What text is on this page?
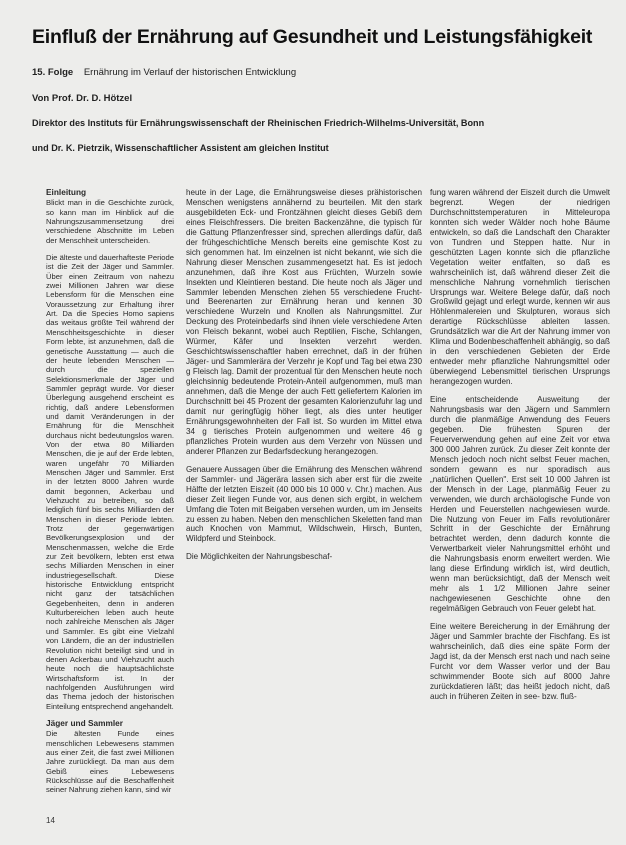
Einfluß der Ernährung auf Gesundheit und Leistungsfähigkeit
15. Folge Ernährung im Verlauf der historischen Entwicklung
Von Prof. Dr. D. Hötzel
Direktor des Instituts für Ernährungswissenschaft der Rheinischen Friedrich-Wilhelms-Universität, Bonn
und Dr. K. Pietrzik, Wissenschaftlicher Assistent am gleichen Institut
Einleitung

Blickt man in die Geschichte zurück, so kann man im Hinblick auf die Nahrungszusammensetzung drei verschiedene Abschnitte im Leben der Menschheit unterscheiden.

Die älteste und dauerhafteste Periode ist die Zeit der Jäger und Sammler. Über einen Zeitraum von nahezu zwei Millionen Jahren war diese Lebensform für die Menschen eine Voraussetzung zur Erhaltung ihrer Art. Da die Species Homo sapiens das weitaus größte Teil während der Menschheitsgeschichte in dieser Form lebte, ist anzunehmen, daß die genetische Ausstattung — auch die der heute lebenden Menschen — durch die speziellen Selektionsmerkmale der Jäger und Sammler geprägt wurde. Vor dieser Überlegung ausgehend erscheint es richtig, daß andere Lebensformen und damit Veränderungen in der Ernährung für die Menschheit durchaus nicht bedeutungslos waren. Von der etwa 80 Milliarden Menschen, die je auf der Erde lebten, waren ungefähr 70 Milliarden Menschen Jäger und Sammler. Erst in der letzten 8000 Jahren wurde damit begonnen, Ackerbau und Viehzucht zu betreiben, so daß lediglich fünf bis sechs Milliarden der Menschen in dieser Periode lebten. Trotz der gegenwärtigen Bevölkerungsexplosion und der Menschenmassen, welche die Erde zur Zeit bevölkern, lebten erst etwa sechs Milliarden Menschen in einer industriegesellschaft. Diese historische Entwicklung entspricht nicht ganz der tatsächlichen Gegebenheiten, denn in anderen Kulturbereichen leben auch heute noch zahlreiche Menschen als Jäger und Sammler. Es gibt eine Vielzahl von Ländern, die an der industriellen Revolution nicht beteiligt sind und in denen Ackerbau und Viehzucht auch heute noch die hauptsächlichste Wirtschaftsform ist. In der nachfolgenden Ausführungen wird das Thema jedoch der historischen Einteilung entsprechend angehandelt.

Jäger und Sammler

Die ältesten Funde eines menschlichen Lebewesens stammen aus einer Zeit, die fast zwei Millionen Jahre zurückliegt. Da man aus dem Gebiß eines Lebewesens Rückschlüsse auf die Beschaffenheit seiner Nahrung ziehen kann, sind wir

heute in der Lage, die Ernährungsweise dieses prähistorischen Menschen wenigstens annähernd zu beurteilen. Mit den stark ausgebildeten Eck- und Frontzähnen gleicht dieses Gebiß dem eines Fleischfressers. Die breiten Backenzähne, die typisch für die Gattung Pflanzenfresser sind, sprechen allerdings dafür, daß der frühgeschichtliche Mensch bereits eine gemischte Kost zu sich genommen hat. Im einzelnen ist nicht bekannt, wie sich die Nahrung dieser Menschen zusammengesetzt hat. Es ist jedoch anzunehmen, daß ihre Kost aus Früchten, Wurzeln sowie Insekten und Kleintieren bestand. Die heute noch als Jäger und Sammler lebenden Menschen ziehen 55 verschiedene Frucht- und Beerenarten zur Ernährung heran und kennen 30 verschiedene Wurzeln und Knollen als Nahrungsmittel. Zur Deckung des Proteinbedarfs sind ihnen viele verschiedene Arten von Fleisch bekannt, wobei auch Reptilien, Fische, Schlangen, Würmer, Käfer und Insekten verzehrt werden. Geschichtswissenschaftler haben errechnet, daß in der frühen Jäger- und Sammlerära der Verzehr je Kopf und Tag bei etwa 230 g Fleisch lag. Damit der prozentual für den Menschen heute noch gleichsinnig bedeutende Protein-Anteil aufgenommen, muß man annehmen, daß die Menge der auch Fett geliefertern Kalorien im Durchschnitt bei 45 Prozent der gesamten Kalorienzufuhr lag und damit nur geringfügig höher liegt, als dies unter heutiger Ernährungsgewohnheiten der Fall ist. So wurden im Mittel etwa 34 g tierisches Protein aufgenommen und weitere 46 g pflanzliches Protein wurden aus dem Verzehr von Nüssen und anderer Pflanzen zur Bedarfsdeckung herangezogen.

Genauere Aussagen über die Ernährung des Menschen während der Sammler- und Jägerära lassen sich aber erst für die zweite Hälfte der letzten Eiszeit (40 000 bis 10 000 v. Chr.) machen. Aus dieser Zeit liegen Funde vor, aus denen sich ergibt, in welchem Umfang die Toten mit Beigaben versehen wurden, um im Jenseits zu essen zu haben. Neben den menschlichen Skeletten fand man auch Knochen von Mammut, Wildschwein, Hirsch, Bunten, Wildpferd und Steinbock.

Die Möglichkeiten der Nahrungsbeschaf-

fung waren während der Eiszeit durch die Umwelt begrenzt. Wegen der niedrigen Durchschnittstemperaturen in Mitteleuropa konnten sich weder Wälder noch hohe Bäume entwickeln, so daß die Landschaft den Charakter von Tundren und Steppen hatte. Nur in geschützten Lagen konnte sich die pflanzliche Vegetation weiter entfalten, so daß es wahrscheinlich ist, daß während dieser Zeit die menschliche Nahrung vornehmlich tierischen Ursprungs war. Weitere Belege dafür, daß noch Großwild gejagt und erlegt wurde, kennen wir aus Höhlenmalereien und Skulpturen, woraus sich derartige Rückschlüsse ableiten lassen. Grundsätzlich war die Art der Nahrung immer von Klima und Bodenbeschaffenheit abhängig, so daß in den verschiedenen Gebieten der Erde entweder mehr pflanzliche Nahrungsmittel oder überwiegend Lebensmittel tierischen Ursprungs herangezogen wurden.

Eine entscheidende Ausweitung der Nahrungsbasis war den Jägern und Sammlern durch die planmäßige Anwendung des Feuers gegeben. Die frühesten Spuren der Feuerverwendung gehen auf eine Zeit vor etwa 300 000 Jahren zurück. Zu dieser Zeit konnte der Mensch jedoch noch nicht selbst Feuer machen, sondern gewann es nur sporadisch aus „natürlichen Quellen". Erst seit 10 000 Jahren ist der Mensch in der Lage, planmäßig Feuer zu verwenden, wie durch archäologische Funde von Herden und Feuerstellen nachgewiesen wurde. Die Nutzung von Feuer im Falls revolutionärer Schritt in der Geschichte der Ernährung betrachtet werden, denn dadurch konnte die Verwertbarkeit vieler Nahrungsmittel erhöht und die Nahrungsbasis enorm erweitert werden. Wie lang diese Erfindung wirklich ist, wird deutlich, wenn man berücksichtigt, daß der Mensch weit mehr als 1 1/2 Millionen Jahre seiner nachgewiesenen Geschichte ohne den regelmäßigen Gebrauch von Feuer gelebt hat.

Eine weitere Bereicherung in der Ernährung der Jäger und Sammler brachte der Fischfang. Es ist wahrscheinlich, daß dies eine späte Form der Jagd ist, da der Mensch erst nach und nach seine Furcht vor dem Wasser verlor und der Bau schwimmender Boote sich auf 8000 Jahre zurückdatieren läßt; das heißt jedoch nicht, daß auch in früheren Zeiten in see- bzw. fluß-

14
